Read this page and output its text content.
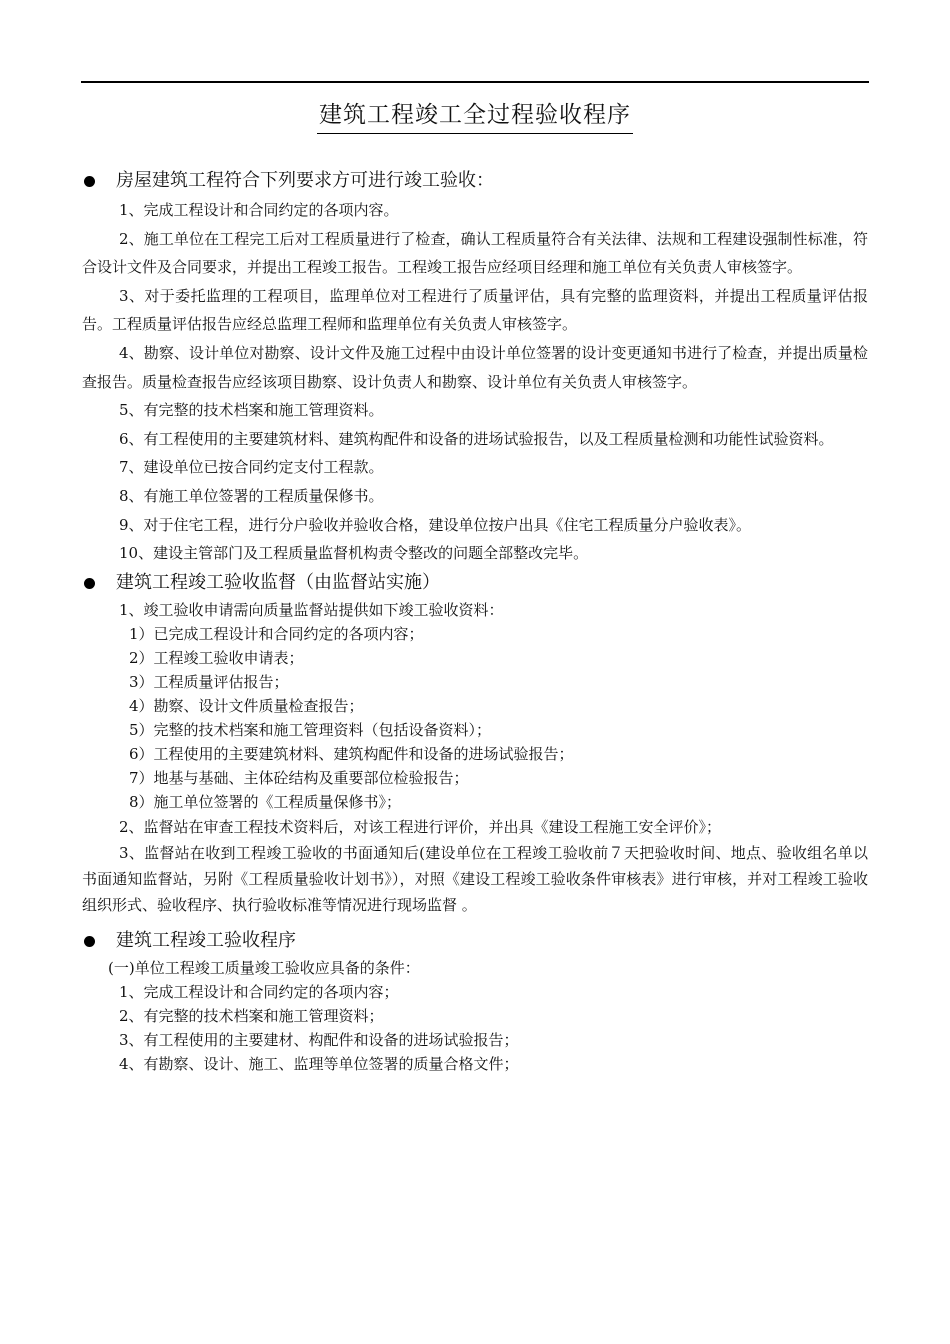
建筑工程竣工全过程验收程序
房屋建筑工程符合下列要求方可进行竣工验收：

1、完成工程设计和合同约定的各项内容。

2、施工单位在工程完工后对工程质量进行了检查，确认工程质量符合有关法律、法规和工程建设强制性标准，符合设计文件及合同要求，并提出工程竣工报告。工程竣工报告应经项目经理和施工单位有关负责人审核签字。

3、对于委托监理的工程项目，监理单位对工程进行了质量评估，具有完整的监理资料，并提出工程质量评估报告。工程质量评估报告应经总监理工程师和监理单位有关负责人审核签字。

4、勘察、设计单位对勘察、设计文件及施工过程中由设计单位签署的设计变更通知书进行了检查，并提出质量检查报告。质量检查报告应经该项目勘察、设计负责人和勘察、设计单位有关负责人审核签字。

5、有完整的技术档案和施工管理资料。

6、有工程使用的主要建筑材料、建筑构配件和设备的进场试验报告，以及工程质量检测和功能性试验资料。

7、建设单位已按合同约定支付工程款。

8、有施工单位签署的工程质量保修书。

9、对于住宅工程，进行分户验收并验收合格，建设单位按户出具《住宅工程质量分户验收表》。

10、建设主管部门及工程质量监督机构责令整改的问题全部整改完毕。

建筑工程竣工验收监督（由监督站实施）

1、竣工验收申请需向质量监督站提供如下竣工验收资料：

1）已完成工程设计和合同约定的各项内容；

2）工程竣工验收申请表；

3）工程质量评估报告；

4）勘察、设计文件质量检查报告；

5）完整的技术档案和施工管理资料（包括设备资料）；

6）工程使用的主要建筑材料、建筑构配件和设备的进场试验报告；

7）地基与基础、主体砼结构及重要部位检验报告；

8）施工单位签署的《工程质量保修书》；

2、监督站在审查工程技术资料后，对该工程进行评价，并出具《建设工程施工安全评价》；

3、监督站在收到工程竣工验收的书面通知后(建设单位在工程竣工验收前７天把验收时间、地点、验收组名单以书面通知监督站，另附《工程质量验收计划书》），对照《建设工程竣工验收条件审核表》进行审核，并对工程竣工验收组织形式、验收程序、执行验收标准等情况进行现场监督 。

建筑工程竣工验收程序

(一)单位工程竣工质量竣工验收应具备的条件：

1、完成工程设计和合同约定的各项内容；

2、有完整的技术档案和施工管理资料；

3、有工程使用的主要建材、构配件和设备的进场试验报告；

4、有勘察、设计、施工、监理等单位签署的质量合格文件；
